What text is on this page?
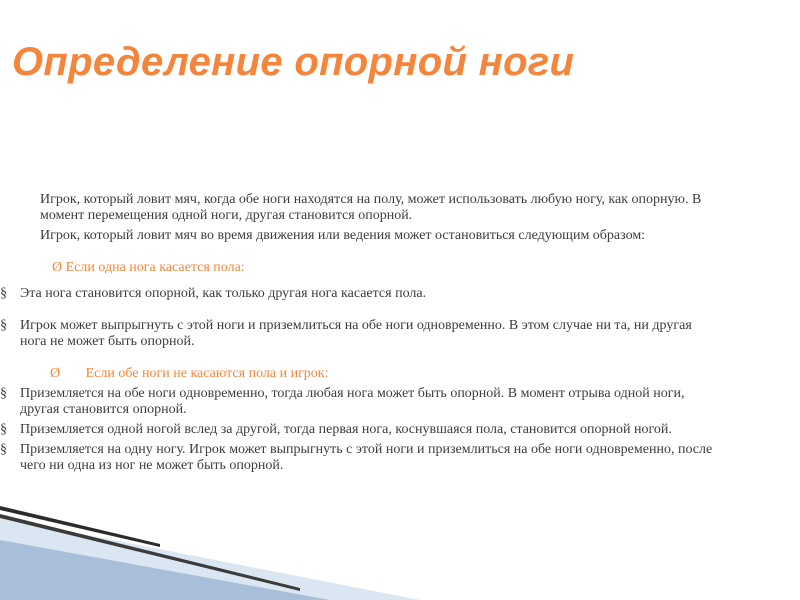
Определение опорной ноги

Игрок, который ловит мяч, когда обе ноги находятся на полу, может использовать любую ногу, как опорную. В момент перемещения одной ноги, другая становится опорной.

Игрок, который ловит мяч во время движения или ведения может остановиться следующим образом:

Ø Если одна нога касается пола:

§ Эта нога становится опорной, как только другая нога касается пола.

§ Игрок может выпрыгнуть с этой ноги и приземлиться на обе ноги одновременно. В этом случае ни та, ни другая нога не может быть опорной.

Ø Если обе ноги не касаются пола и игрок:

§ Приземляется на обе ноги одновременно, тогда любая нога может быть опорной. В момент отрыва одной ноги, другая становится опорной.

§ Приземляется одной ногой вслед за другой, тогда первая нога, коснувшаяся пола, становится опорной ногой.

§ Приземляется на одну ногу. Игрок может выпрыгнуть с этой ноги и приземлиться на обе ноги одновременно, после чего ни одна из ног не может быть опорной.
